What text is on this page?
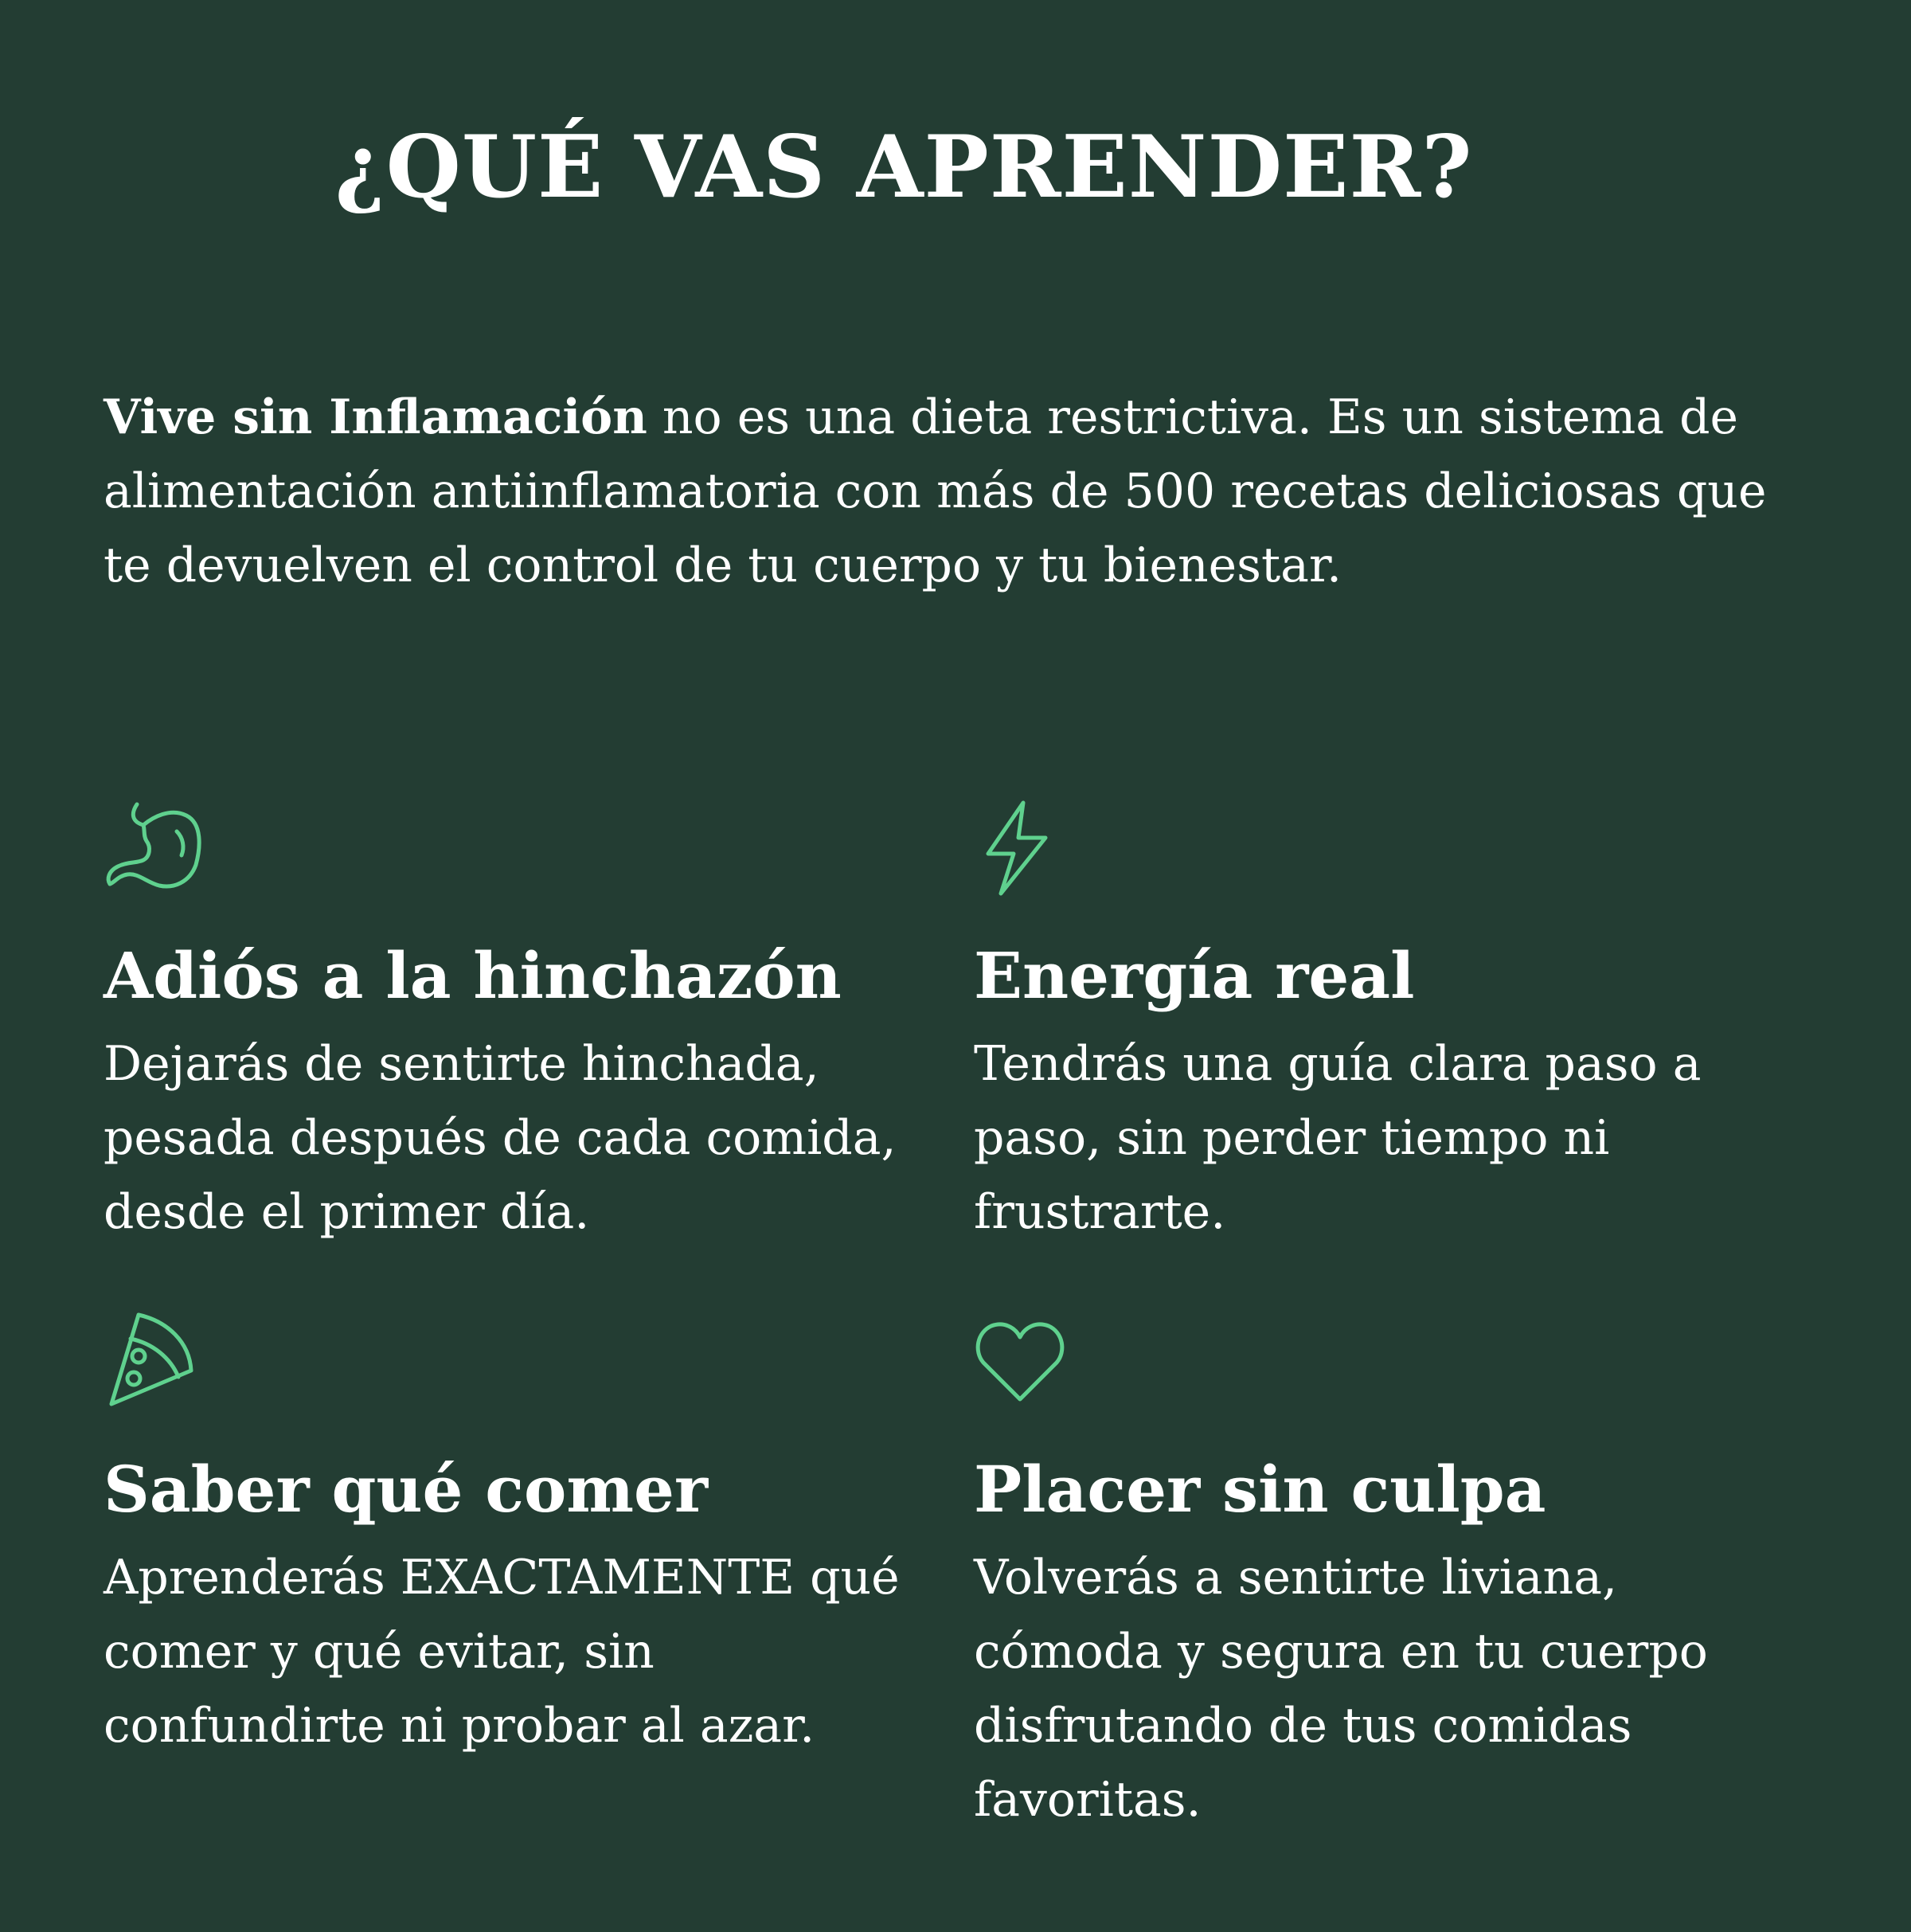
¿QUÉ VAS APRENDER?

Vive sin Inflamación no es una dieta restrictiva. Es un sistema de alimentación antiinflamatoria con más de 500 recetas deliciosas que te devuelven el control de tu cuerpo y tu bienestar.

Adiós a la hinchazón

Dejarás de sentirte hinchada, pesada después de cada comida, desde el primer día.

Energía real

Tendrás una guía clara paso a paso, sin perder tiempo ni frustrarte.

Saber qué comer

Aprenderás EXACTAMENTE qué comer y qué evitar, sin confundirte ni probar al azar.

Placer sin culpa

Volverás a sentirte liviana, cómoda y segura en tu cuerpo disfrutando de tus comidas favoritas.
